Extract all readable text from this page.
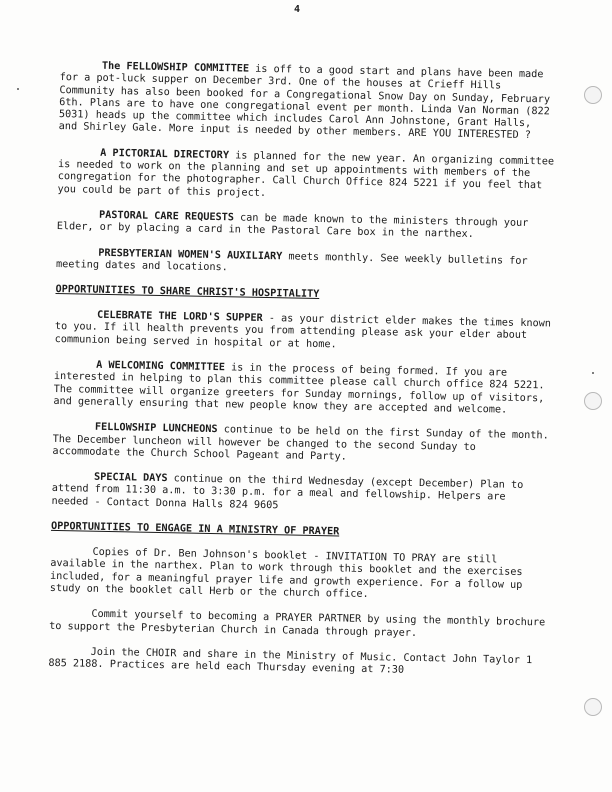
4

The FELLOWSHIP COMMITTEE is off to a good start and plans have been made for a pot-luck supper on December 3rd. One of the houses at Crieff Hills Community has also been booked for a Congregational Snow Day on Sunday, February 6th. Plans are to have one congregational event per month. Linda Van Norman (822 5031) heads up the committee which includes Carol Ann Johnstone, Grant Halls, and Shirley Gale. More input is needed by other members. ARE YOU INTERESTED ?

A PICTORIAL DIRECTORY is planned for the new year. An organizing committee is needed to work on the planning and set up appointments with members of the congregation for the photographer. Call Church Office 824 5221 if you feel that you could be part of this project.

PASTORAL CARE REQUESTS can be made known to the ministers through your Elder, or by placing a card in the Pastoral Care box in the narthex.

PRESBYTERIAN WOMEN'S AUXILIARY meets monthly. See weekly bulletins for meeting dates and locations.

OPPORTUNITIES TO SHARE CHRIST'S HOSPITALITY

CELEBRATE THE LORD'S SUPPER - as your district elder makes the times known to you. If ill health prevents you from attending please ask your elder about communion being served in hospital or at home.

A WELCOMING COMMITTEE is in the process of being formed. If you are interested in helping to plan this committee please call church office 824 5221. The committee will organize greeters for Sunday mornings, follow up of visitors, and generally ensuring that new people know they are accepted and welcome.

FELLOWSHIP LUNCHEONS continue to be held on the first Sunday of the month. The December luncheon will however be changed to the second Sunday to accommodate the Church School Pageant and Party.

SPECIAL DAYS continue on the third Wednesday (except December) Plan to attend from 11:30 a.m. to 3:30 p.m. for a meal and fellowship. Helpers are needed - Contact Donna Halls 824 9605

OPPORTUNITIES TO ENGAGE IN A MINISTRY OF PRAYER

Copies of Dr. Ben Johnson's booklet - INVITATION TO PRAY are still available in the narthex. Plan to work through this booklet and the exercises included, for a meaningful prayer life and growth experience. For a follow up study on the booklet call Herb or the church office.

Commit yourself to becoming a PRAYER PARTNER by using the monthly brochure to support the Presbyterian Church in Canada through prayer.

Join the CHOIR and share in the Ministry of Music. Contact John Taylor 1 885 2188. Practices are held each Thursday evening at 7:30
